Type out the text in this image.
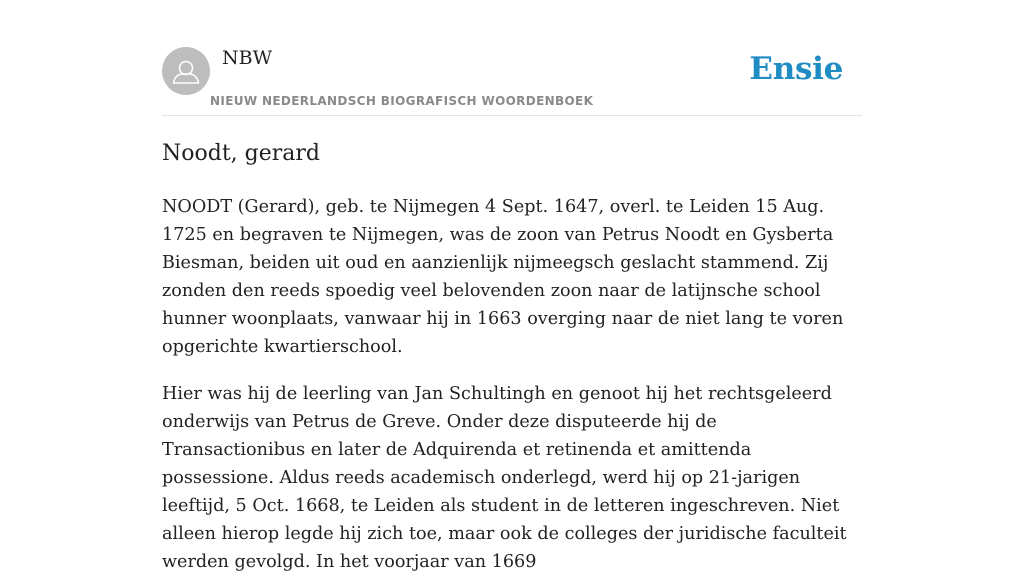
NBW
NIEUW NEDERLANDSCH BIOGRAFISCH WOORDENBOEK
Ensie
Noodt, gerard

NOODT (Gerard), geb. te Nijmegen 4 Sept. 1647, overl. te Leiden 15 Aug. 1725 en begraven te Nijmegen, was de zoon van Petrus Noodt en Gysberta Biesman, beiden uit oud en aanzienlijk nijmeegsch geslacht stammend. Zij zonden den reeds spoedig veel belovenden zoon naar de latijnsche school hunner woonplaats, vanwaar hij in 1663 overging naar de niet lang te voren opgerichte kwartierschool.

Hier was hij de leerling van Jan Schultingh en genoot hij het rechtsgeleerd onderwijs van Petrus de Greve. Onder deze disputeerde hij de Transactionibus en later de Adquirenda et retinenda et amittenda possessione. Aldus reeds academisch onderlegd, werd hij op 21-jarigen leeftijd, 5 Oct. 1668, te Leiden als student in de letteren ingeschreven. Niet alleen hierop legde hij zich toe, maar ook de colleges der juridische faculteit werden gevolgd. In het voorjaar van 1669
